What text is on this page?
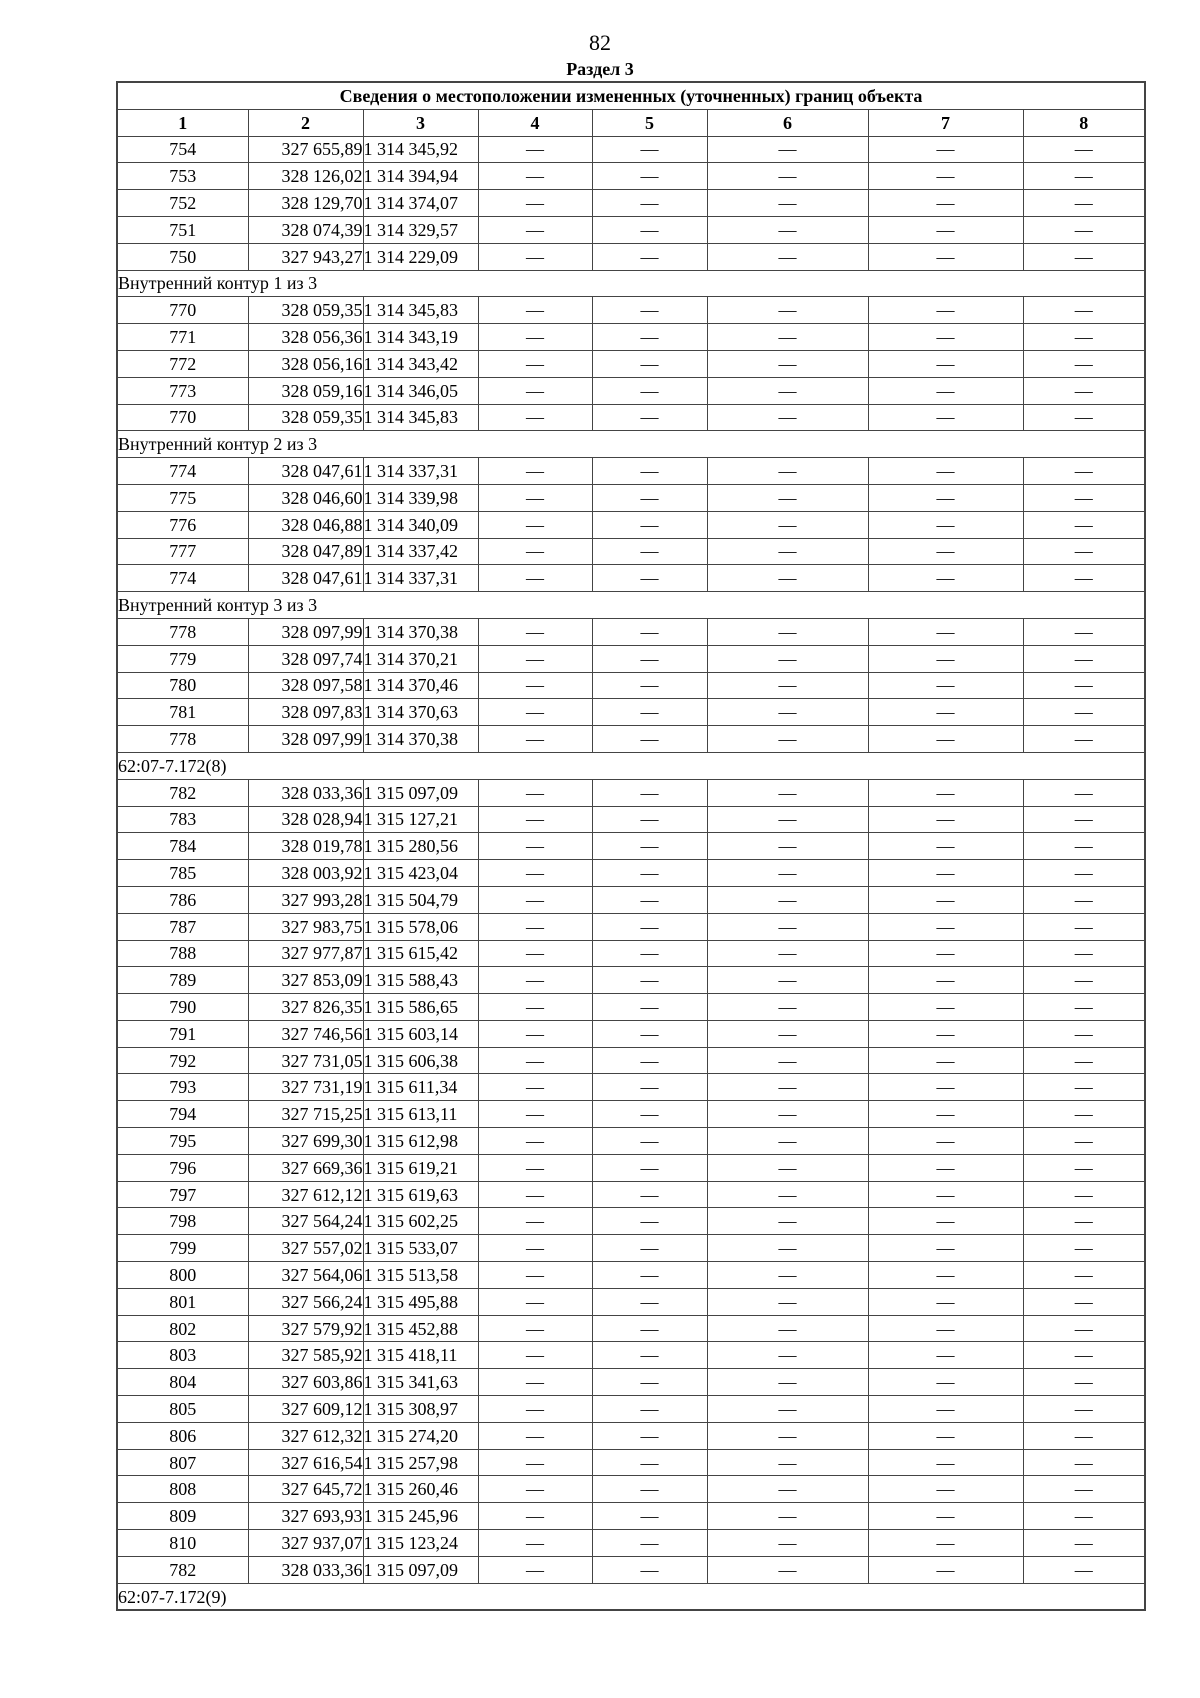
82
Раздел 3
Сведения о местоположении измененных (уточненных) границ объекта							
1	2	3	4	5	6	7	8
754	327 655,89	1 314 345,92	—	—	—	—	—
753	328 126,02	1 314 394,94	—	—	—	—	—
752	328 129,70	1 314 374,07	—	—	—	—	—
751	328 074,39	1 314 329,57	—	—	—	—	—
750	327 943,27	1 314 229,09	—	—	—	—	—
Внутренний контур 1 из 3							
770	328 059,35	1 314 345,83	—	—	—	—	—
771	328 056,36	1 314 343,19	—	—	—	—	—
772	328 056,16	1 314 343,42	—	—	—	—	—
773	328 059,16	1 314 346,05	—	—	—	—	—
770	328 059,35	1 314 345,83	—	—	—	—	—
Внутренний контур 2 из 3							
774	328 047,61	1 314 337,31	—	—	—	—	—
775	328 046,60	1 314 339,98	—	—	—	—	—
776	328 046,88	1 314 340,09	—	—	—	—	—
777	328 047,89	1 314 337,42	—	—	—	—	—
774	328 047,61	1 314 337,31	—	—	—	—	—
Внутренний контур 3 из 3							
778	328 097,99	1 314 370,38	—	—	—	—	—
779	328 097,74	1 314 370,21	—	—	—	—	—
780	328 097,58	1 314 370,46	—	—	—	—	—
781	328 097,83	1 314 370,63	—	—	—	—	—
778	328 097,99	1 314 370,38	—	—	—	—	—
62:07-7.172(8)							
782	328 033,36	1 315 097,09	—	—	—	—	—
783	328 028,94	1 315 127,21	—	—	—	—	—
784	328 019,78	1 315 280,56	—	—	—	—	—
785	328 003,92	1 315 423,04	—	—	—	—	—
786	327 993,28	1 315 504,79	—	—	—	—	—
787	327 983,75	1 315 578,06	—	—	—	—	—
788	327 977,87	1 315 615,42	—	—	—	—	—
789	327 853,09	1 315 588,43	—	—	—	—	—
790	327 826,35	1 315 586,65	—	—	—	—	—
791	327 746,56	1 315 603,14	—	—	—	—	—
792	327 731,05	1 315 606,38	—	—	—	—	—
793	327 731,19	1 315 611,34	—	—	—	—	—
794	327 715,25	1 315 613,11	—	—	—	—	—
795	327 699,30	1 315 612,98	—	—	—	—	—
796	327 669,36	1 315 619,21	—	—	—	—	—
797	327 612,12	1 315 619,63	—	—	—	—	—
798	327 564,24	1 315 602,25	—	—	—	—	—
799	327 557,02	1 315 533,07	—	—	—	—	—
800	327 564,06	1 315 513,58	—	—	—	—	—
801	327 566,24	1 315 495,88	—	—	—	—	—
802	327 579,92	1 315 452,88	—	—	—	—	—
803	327 585,92	1 315 418,11	—	—	—	—	—
804	327 603,86	1 315 341,63	—	—	—	—	—
805	327 609,12	1 315 308,97	—	—	—	—	—
806	327 612,32	1 315 274,20	—	—	—	—	—
807	327 616,54	1 315 257,98	—	—	—	—	—
808	327 645,72	1 315 260,46	—	—	—	—	—
809	327 693,93	1 315 245,96	—	—	—	—	—
810	327 937,07	1 315 123,24	—	—	—	—	—
782	328 033,36	1 315 097,09	—	—	—	—	—
62:07-7.172(9)							
